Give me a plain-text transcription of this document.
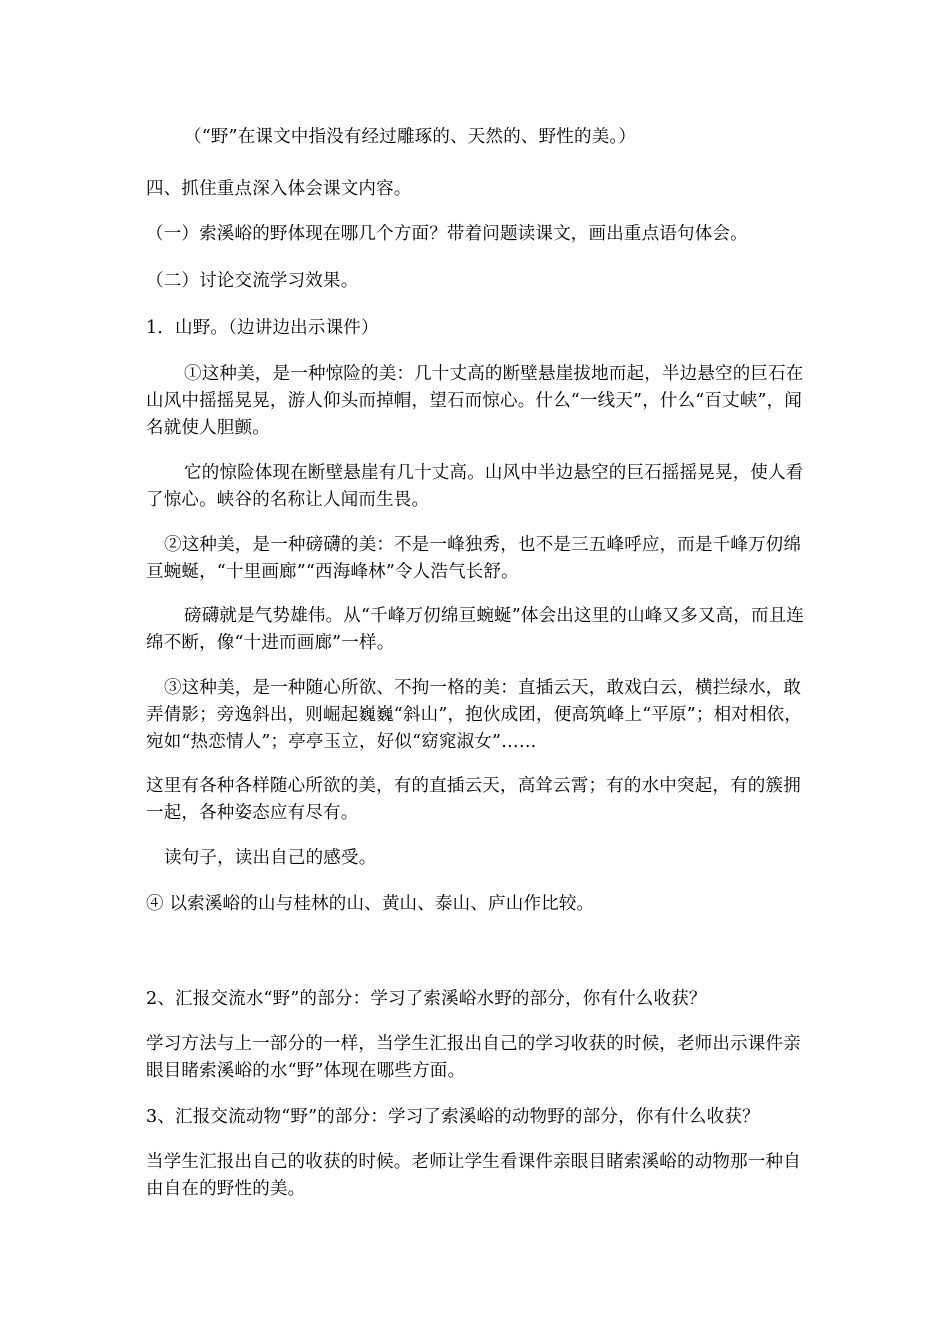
（“野”在课文中指没有经过雕琢的、天然的、野性的美。）
四、抓住重点深入体会课文内容。
（一）索溪峪的野体现在哪几个方面？带着问题读课文，画出重点语句体会。
（二）讨论交流学习效果。
1．山野。（边讲边出示课件）
①这种美，是一种惊险的美：几十丈高的断壁悬崖拔地而起，半边悬空的巨石在山风中摇摇晃晃，游人仰头而掉帽，望石而惊心。什么“一线天”，什么“百丈峡”，闻名就使人胆颤。
它的惊险体现在断壁悬崖有几十丈高。山风中半边悬空的巨石摇摇晃晃，使人看了惊心。峡谷的名称让人闻而生畏。
②这种美，是一种磅礴的美：不是一峰独秀，也不是三五峰呼应，而是千峰万仞绵亘蜿蜒，“十里画廊”“西海峰林”令人浩气长舒。
磅礴就是气势雄伟。从“千峰万仞绵亘蜿蜒”体会出这里的山峰又多又高，而且连绵不断，像“十进而画廊”一样。
③这种美，是一种随心所欲、不拘一格的美：直插云天，敢戏白云，横拦绿水，敢弄倩影；旁逸斜出，则崛起巍巍“斜山”，抱伙成团，便高筑峰上“平原”；相对相依，宛如“热恋情人”；亭亭玉立，好似“窈窕淑女”……
这里有各种各样随心所欲的美，有的直插云天，高耸云霄；有的水中突起，有的簇拥一起，各种姿态应有尽有。
读句子，读出自己的感受。
④ 以索溪峪的山与桂林的山、黄山、泰山、庐山作比较。
2、汇报交流水“野”的部分：学习了索溪峪水野的部分，你有什么收获？
学习方法与上一部分的一样，当学生汇报出自己的学习收获的时候，老师出示课件亲眼目睹索溪峪的水“野”体现在哪些方面。
3、汇报交流动物“野”的部分：学习了索溪峪的动物野的部分，你有什么收获？
当学生汇报出自己的收获的时候。老师让学生看课件亲眼目睹索溪峪的动物那一种自由自在的野性的美。
